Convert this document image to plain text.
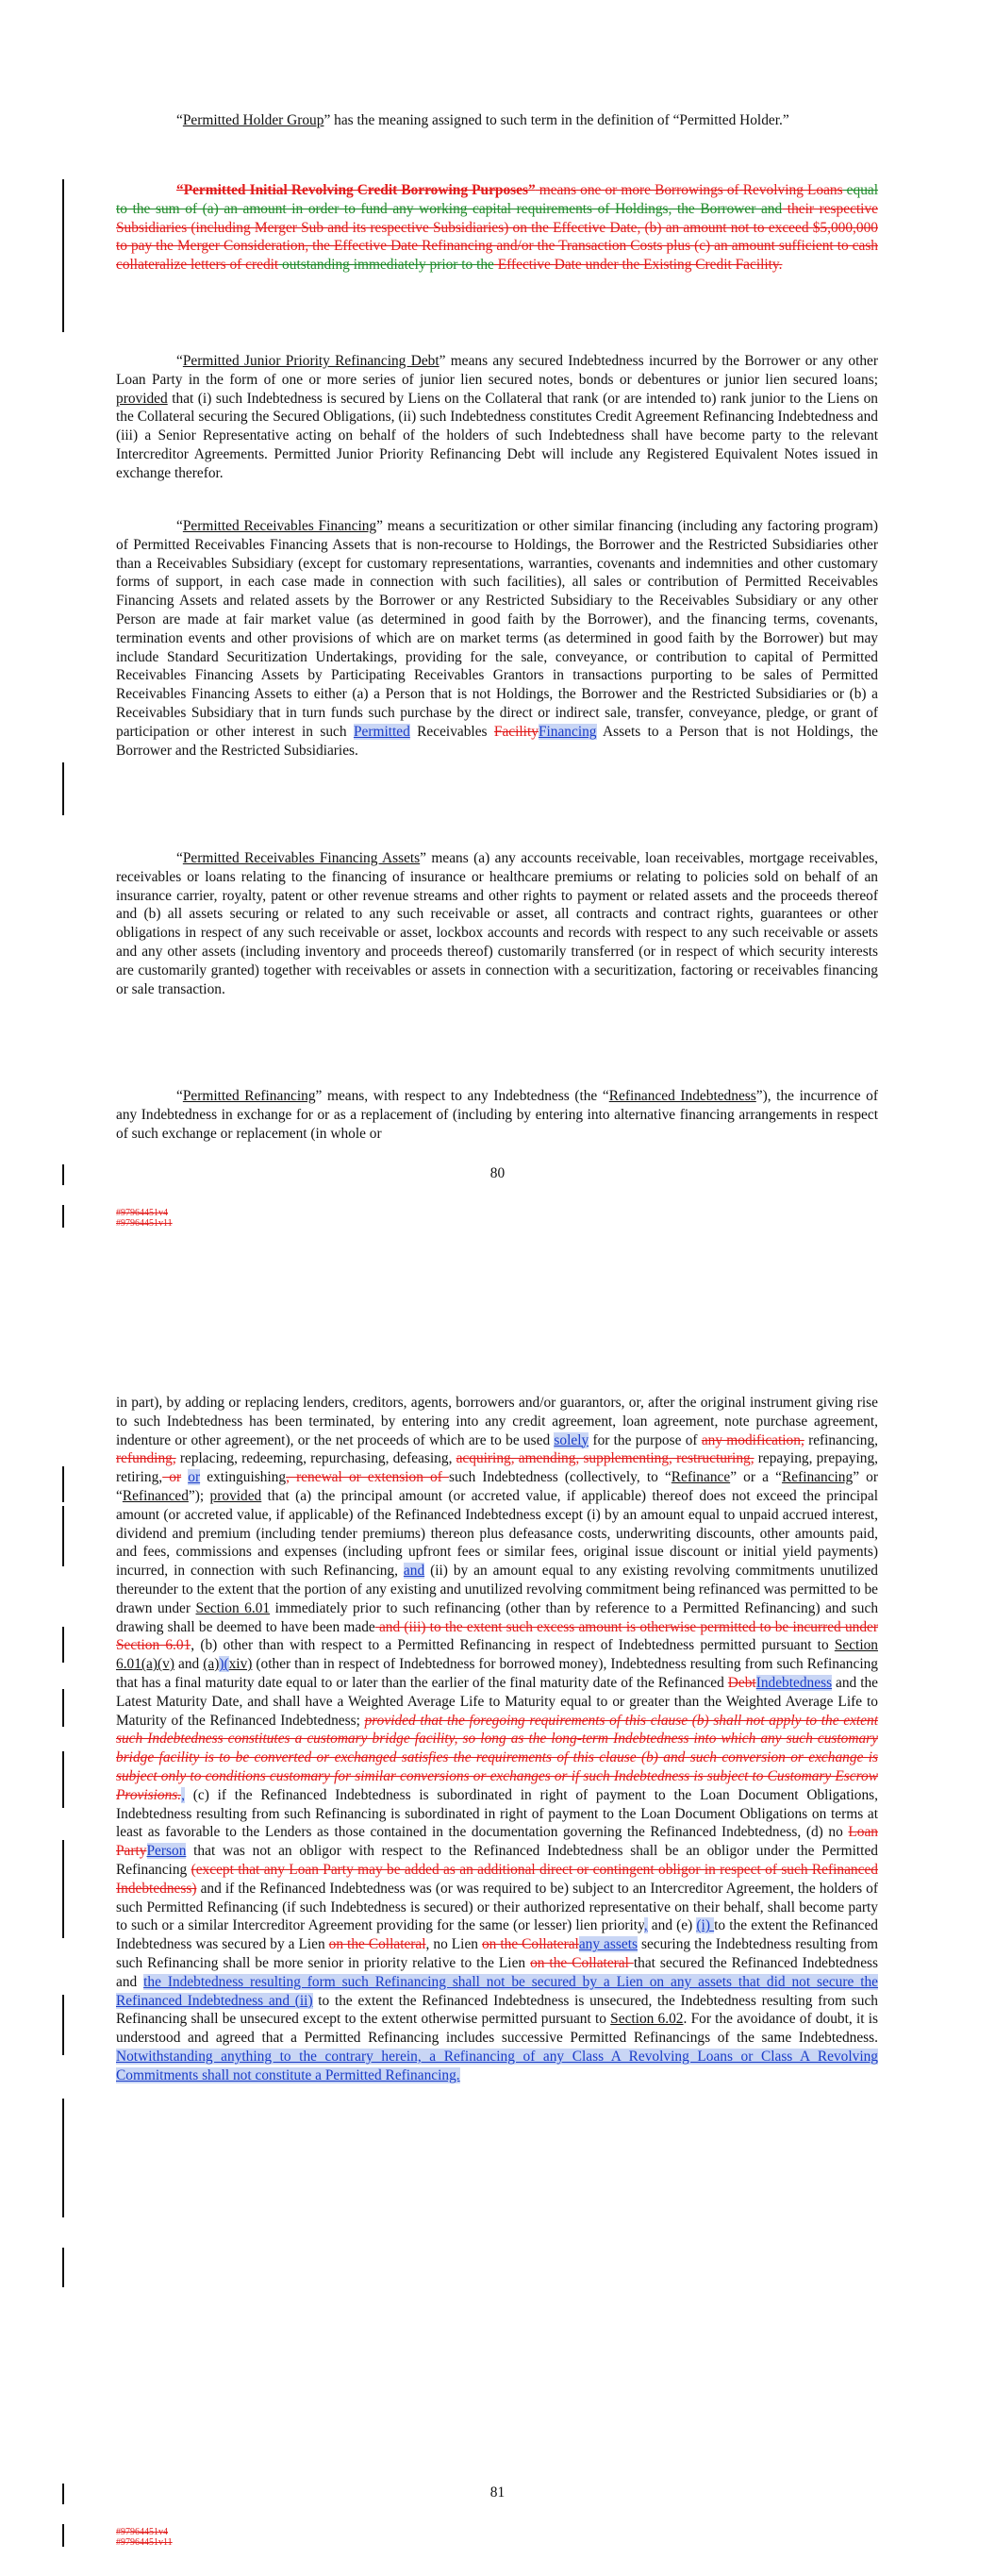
“Permitted Holder Group” has the meaning assigned to such term in the definition of “Permitted Holder.”

“Permitted Initial Revolving Credit Borrowing Purposes” means one or more Borrowings of Revolving Loans equal to the sum of (a) an amount in order to fund any working capital requirements of Holdings, the Borrower and their respective Subsidiaries (including Merger Sub and its respective Subsidiaries) on the Effective Date, (b) an amount not to exceed $5,000,000 to pay the Merger Consideration, the Effective Date Refinancing and/or the Transaction Costs plus (c) an amount sufficient to cash collateralize letters of credit outstanding immediately prior to the Effective Date under the Existing Credit Facility.

“Permitted Junior Priority Refinancing Debt” means any secured Indebtedness incurred by the Borrower or any other Loan Party in the form of one or more series of junior lien secured notes, bonds or debentures or junior lien secured loans; provided that (i) such Indebtedness is secured by Liens on the Collateral that rank (or are intended to) rank junior to the Liens on the Collateral securing the Secured Obligations, (ii) such Indebtedness constitutes Credit Agreement Refinancing Indebtedness and (iii) a Senior Representative acting on behalf of the holders of such Indebtedness shall have become party to the relevant Intercreditor Agreements. Permitted Junior Priority Refinancing Debt will include any Registered Equivalent Notes issued in exchange therefor.

“Permitted Receivables Financing” means a securitization or other similar financing (including any factoring program) of Permitted Receivables Financing Assets that is non-recourse to Holdings, the Borrower and the Restricted Subsidiaries other than a Receivables Subsidiary (except for customary representations, warranties, covenants and indemnities and other customary forms of support, in each case made in connection with such facilities), all sales or contribution of Permitted Receivables Financing Assets and related assets by the Borrower or any Restricted Subsidiary to the Receivables Subsidiary or any other Person are made at fair market value (as determined in good faith by the Borrower), and the financing terms, covenants, termination events and other provisions of which are on market terms (as determined in good faith by the Borrower) but may include Standard Securitization Undertakings, providing for the sale, conveyance, or contribution to capital of Permitted Receivables Financing Assets by Participating Receivables Grantors in transactions purporting to be sales of Permitted Receivables Financing Assets to either (a) a Person that is not Holdings, the Borrower and the Restricted Subsidiaries or (b) a Receivables Subsidiary that in turn funds such purchase by the direct or indirect sale, transfer, conveyance, pledge, or grant of participation or other interest in such Permitted Receivables FacilityFinancing Assets to a Person that is not Holdings, the Borrower and the Restricted Subsidiaries.

“Permitted Receivables Financing Assets” means (a) any accounts receivable, loan receivables, mortgage receivables, receivables or loans relating to the financing of insurance or healthcare premiums or relating to policies sold on behalf of an insurance carrier, royalty, patent or other revenue streams and other rights to payment or related assets and the proceeds thereof and (b) all assets securing or related to any such receivable or asset, all contracts and contract rights, guarantees or other obligations in respect of any such receivable or asset, lockbox accounts and records with respect to any such receivable or assets and any other assets (including inventory and proceeds thereof) customarily transferred (or in respect of which security interests are customarily granted) together with receivables or assets in connection with a securitization, factoring or receivables financing or sale transaction.

“Permitted Refinancing” means, with respect to any Indebtedness (the “Refinanced Indebtedness”), the incurrence of any Indebtedness in exchange for or as a replacement of (including by entering into alternative financing arrangements in respect of such exchange or replacement (in whole or

80
#97964451v4
#97964451v11

in part), by adding or replacing lenders, creditors, agents, borrowers and/or guarantors, or, after the original instrument giving rise to such Indebtedness has been terminated, by entering into any credit agreement, loan agreement, note purchase agreement, indenture or other agreement), or the net proceeds of which are to be used solely for the purpose of any modification, refinancing, refunding, replacing, redeeming, repurchasing, defeasing, acquiring, amending, supplementing, restructuring, repaying, prepaying, retiring, or or extinguishing, renewal or extension of such Indebtedness (collectively, to “Refinance” or a “Refinancing” or “Refinanced”); provided that (a) the principal amount (or accreted value, if applicable) thereof does not exceed the principal amount (or accreted value, if applicable) of the Refinanced Indebtedness except (i) by an amount equal to unpaid accrued interest, dividend and premium (including tender premiums) thereon plus defeasance costs, underwriting discounts, other amounts paid, and fees, commissions and expenses (including upfront fees or similar fees, original issue discount or initial yield payments) incurred, in connection with such Refinancing, and (ii) by an amount equal to any existing revolving commitments unutilized thereunder to the extent that the portion of any existing and unutilized revolving commitment being refinanced was permitted to be drawn under Section 6.01 immediately prior to such refinancing (other than by reference to a Permitted Refinancing) and such drawing shall be deemed to have been made and (iii) to the extent such excess amount is otherwise permitted to be incurred under Section 6.01, (b) other than with respect to a Permitted Refinancing in respect of Indebtedness permitted pursuant to Section 6.01(a)(v) and (a))(xiv) (other than in respect of Indebtedness for borrowed money), Indebtedness resulting from such Refinancing that has a final maturity date equal to or later than the earlier of the final maturity date of the Refinanced DebtIndebtedness and the Latest Maturity Date, and shall have a Weighted Average Life to Maturity equal to or greater than the Weighted Average Life to Maturity of the Refinanced Indebtedness; provided that the foregoing requirements of this clause (b) shall not apply to the extent such Indebtedness constitutes a customary bridge facility, so long as the long-term Indebtedness into which any such customary bridge facility is to be converted or exchanged satisfies the requirements of this clause (b) and such conversion or exchange is subject only to conditions customary for similar conversions or exchanges or if such Indebtedness is subject to Customary Escrow Provisions., (c) if the Refinanced Indebtedness is subordinated in right of payment to the Loan Document Obligations, Indebtedness resulting from such Refinancing is subordinated in right of payment to the Loan Document Obligations on terms at least as favorable to the Lenders as those contained in the documentation governing the Refinanced Indebtedness, (d) no Loan PartyPerson that was not an obligor with respect to the Refinanced Indebtedness shall be an obligor under the Permitted Refinancing (except that any Loan Party may be added as an additional direct or contingent obligor in respect of such Refinanced Indebtedness) and if the Refinanced Indebtedness was (or was required to be) subject to an Intercreditor Agreement, the holders of such Permitted Refinancing (if such Indebtedness is secured) or their authorized representative on their behalf, shall become party to such or a similar Intercreditor Agreement providing for the same (or lesser) lien priority, and (e) (i) to the extent the Refinanced Indebtedness was secured by a Lien on the Collateral, no Lien on the Collateralany assets securing the Indebtedness resulting from such Refinancing shall be more senior in priority relative to the Lien on the Collateral that secured the Refinanced Indebtedness and the Indebtedness resulting form such Refinancing shall not be secured by a Lien on any assets that did not secure the Refinanced Indebtedness and (ii) to the extent the Refinanced Indebtedness is unsecured, the Indebtedness resulting from such Refinancing shall be unsecured except to the extent otherwise permitted pursuant to Section 6.02. For the avoidance of doubt, it is understood and agreed that a Permitted Refinancing includes successive Permitted Refinancings of the same Indebtedness. Notwithstanding anything to the contrary herein, a Refinancing of any Class A Revolving Loans or Class A Revolving Commitments shall not constitute a Permitted Refinancing.

81
#97964451v4
#97964451v11
